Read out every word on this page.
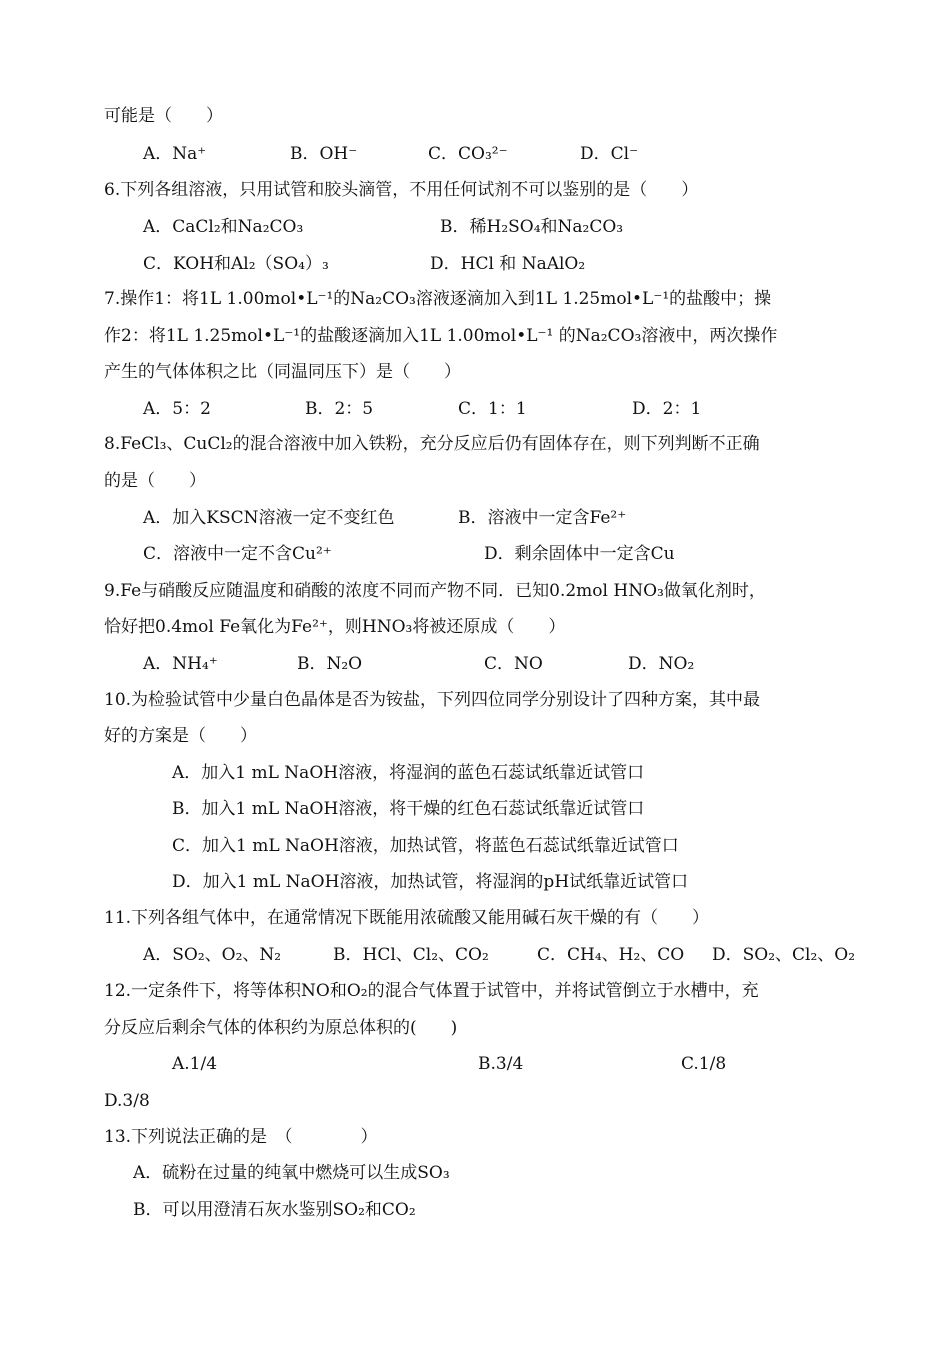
可能是（　　）
A．Na⁺	B．OH⁻	C．CO₃²⁻	D．Cl⁻
6.下列各组溶液，只用试管和胶头滴管，不用任何试剂不可以鉴别的是（　　）
A．CaCl₂和Na₂CO₃	B．稀H₂SO₄和Na₂CO₃
C．KOH和Al₂（SO₄）₃	D．HCl 和 NaAlO₂
7.操作1：将1L 1.00mol•L⁻¹的Na₂CO₃溶液逐滴加入到1L 1.25mol•L⁻¹的盐酸中；操
作2：将1L 1.25mol•L⁻¹的盐酸逐滴加入1L 1.00mol•L⁻¹ 的Na₂CO₃溶液中，两次操作
产生的气体体积之比（同温同压下）是（　　）
A．5：2	B．2：5	C．1：1	D．2：1
8.FeCl₃、CuCl₂的混合溶液中加入铁粉，充分反应后仍有固体存在，则下列判断不正确
的是（　　）
A．加入KSCN溶液一定不变红色	B．溶液中一定含Fe²⁺
C．溶液中一定不含Cu²⁺	D．剩余固体中一定含Cu
9.Fe与硝酸反应随温度和硝酸的浓度不同而产物不同．已知0.2mol HNO₃做氧化剂时，
恰好把0.4mol Fe氧化为Fe²⁺，则HNO₃将被还原成（　　）
A．NH₄⁺	B．N₂O	C．NO	D．NO₂
10.为检验试管中少量白色晶体是否为铵盐，下列四位同学分别设计了四种方案，其中最
好的方案是（　　）
A．加入1 mL NaOH溶液，将湿润的蓝色石蕊试纸靠近试管口
B．加入1 mL NaOH溶液，将干燥的红色石蕊试纸靠近试管口
C．加入1 mL NaOH溶液，加热试管，将蓝色石蕊试纸靠近试管口
D．加入1 mL NaOH溶液，加热试管，将湿润的pH试纸靠近试管口
11.下列各组气体中，在通常情况下既能用浓硫酸又能用碱石灰干燥的有（　　）
A．SO₂、O₂、N₂	B．HCl、Cl₂、CO₂	C．CH₄、H₂、CO D．SO₂、Cl₂、O₂
12.一定条件下，将等体积NO和O₂的混合气体置于试管中，并将试管倒立于水槽中，充
分反应后剩余气体的体积约为原总体积的(　　)
A.1/4	B.3/4	C.1/8
D.3/8
13.下列说法正确的是　（　　　　）
A．硫粉在过量的纯氧中燃烧可以生成SO₃
B．可以用澄清石灰水鉴别SO₂和CO₂
